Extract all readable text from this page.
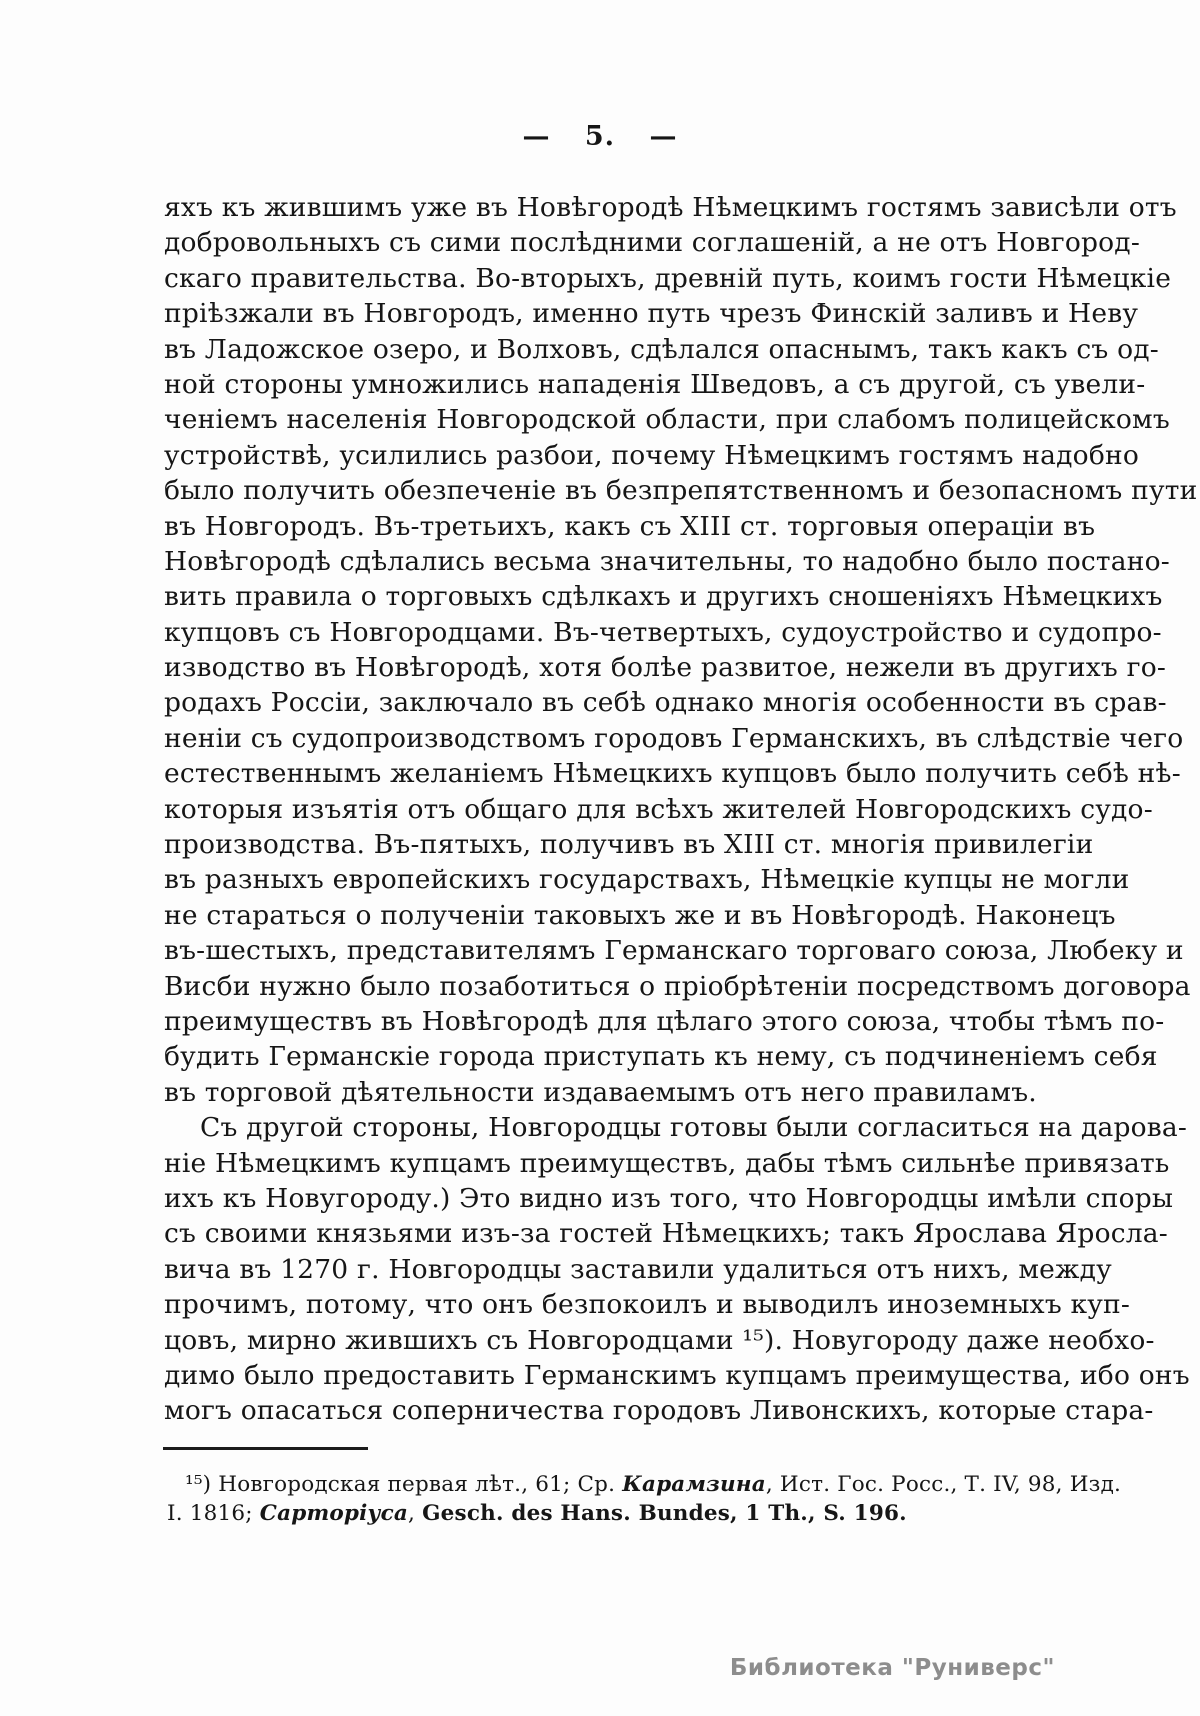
— 5. —
яхъ къ жившимъ уже въ Новѣгородѣ Нѣмецкимъ гостямъ зависѣли отъ
добровольныхъ съ сими послѣдними соглашеній, а не отъ Новгород-
скаго правительства. Во-вторыхъ, древній путь, коимъ гости Нѣмецкіе
пріѣзжали въ Новгородъ, именно путь чрезъ Финскій заливъ и Неву
въ Ладожское озеро, и Волховъ, сдѣлался опаснымъ, такъ какъ съ од-
ной стороны умножились нападенія Шведовъ, а съ другой, съ увели-
ченіемъ населенія Новгородской области, при слабомъ полицейскомъ
устройствѣ, усилились разбои, почему Нѣмецкимъ гостямъ надобно
было получить обезпеченіе въ безпрепятственномъ и безопасномъ пути
въ Новгородъ. Въ-третьихъ, какъ съ XIII ст. торговыя операціи въ
Новѣгородѣ сдѣлались весьма значительны, то надобно было постано-
вить правила о торговыхъ сдѣлкахъ и другихъ сношеніяхъ Нѣмецкихъ
купцовъ съ Новгородцами. Въ-четвертыхъ, судоустройство и судопро-
изводство въ Новѣгородѣ, хотя болѣе развитое, нежели въ другихъ го-
родахъ Россіи, заключало въ себѣ однако многія особенности въ срав-
неніи съ судопроизводствомъ городовъ Германскихъ, въ слѣдствіе чего
естественнымъ желаніемъ Нѣмецкихъ купцовъ было получить себѣ нѣ-
которыя изъятія отъ общаго для всѣхъ жителей Новгородскихъ судо-
производства. Въ-пятыхъ, получивъ въ XIII ст. многія привилегіи
въ разныхъ европейскихъ государствахъ, Нѣмецкіе купцы не могли
не стараться о полученіи таковыхъ же и въ Новѣгородѣ. Наконецъ
въ-шестыхъ, представителямъ Германскаго торговаго союза, Любеку и
Висби нужно было позаботиться о пріобрѣтеніи посредствомъ договора
преимуществъ въ Новѣгородѣ для цѣлаго этого союза, чтобы тѣмъ по-
будить Германскіе города приступать къ нему, съ подчиненіемъ себя
въ торговой дѣятельности издаваемымъ отъ него правиламъ.
Съ другой стороны, Новгородцы готовы были согласиться на дарова-
ніе Нѣмецкимъ купцамъ преимуществъ, дабы тѣмъ сильнѣе привязать
ихъ къ Новугороду.) Это видно изъ того, что Новгородцы имѣли споры
съ своими князьями изъ-за гостей Нѣмецкихъ; такъ Ярослава Яросла-
вича въ 1270 г. Новгородцы заставили удалиться отъ нихъ, между
прочимъ, потому, что онъ безпокоилъ и выводилъ иноземныхъ куп-
цовъ, мирно жившихъ съ Новгородцами ¹⁵). Новугороду даже необхо-
димо было предоставить Германскимъ купцамъ преимущества, ибо онъ
могъ опасаться соперничества городовъ Ливонскихъ, которые стара-
¹⁵) Новгородская первая лѣт., 61; Ср. Карамзина, Ист. Гос. Росс., Т. IV, 98, Изд.
I. 1816; Сарторіуса, Gesch. des Hans. Bundes, 1 Th., S. 196.
Библиотека "Руниверс"
